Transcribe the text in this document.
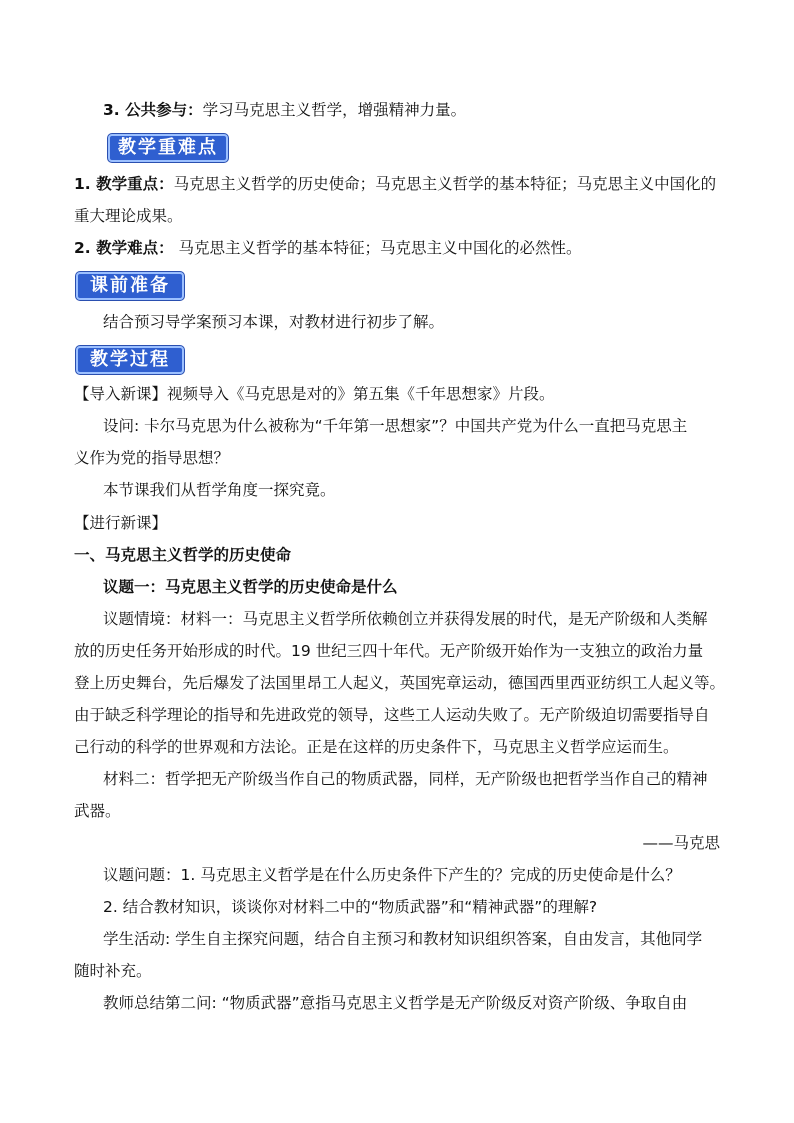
3. 公共参与：学习马克思主义哲学，增强精神力量。
教学重难点
1. 教学重点：马克思主义哲学的历史使命；马克思主义哲学的基本特征；马克思主义中国化的
重大理论成果。
2. 教学难点： 马克思主义哲学的基本特征；马克思主义中国化的必然性。
课前准备
结合预习导学案预习本课，对教材进行初步了解。
教学过程
【导入新课】视频导入《马克思是对的》第五集《千年思想家》片段。
设问: 卡尔马克思为什么被称为“千年第一思想家”？中国共产党为什么一直把马克思主
义作为党的指导思想？
本节课我们从哲学角度一探究竟。
【进行新课】
一、马克思主义哲学的历史使命
议题一：马克思主义哲学的历史使命是什么
议题情境：材料一：马克思主义哲学所依赖创立并获得发展的时代，是无产阶级和人类解
放的历史任务开始形成的时代。19 世纪三四十年代。无产阶级开始作为一支独立的政治力量
登上历史舞台，先后爆发了法国里昂工人起义，英国宪章运动，德国西里西亚纺织工人起义等。
由于缺乏科学理论的指导和先进政党的领导，这些工人运动失败了。无产阶级迫切需要指导自
己行动的科学的世界观和方法论。正是在这样的历史条件下，马克思主义哲学应运而生。
材料二：哲学把无产阶级当作自己的物质武器，同样，无产阶级也把哲学当作自己的精神
武器。
——马克思
议题问题：1. 马克思主义哲学是在什么历史条件下产生的？完成的历史使命是什么？
2. 结合教材知识，谈谈你对材料二中的“物质武器”和“精神武器”的理解?
学生活动: 学生自主探究问题，结合自主预习和教材知识组织答案，自由发言，其他同学
随时补充。
教师总结第二问: “物质武器”意指马克思主义哲学是无产阶级反对资产阶级、争取自由
